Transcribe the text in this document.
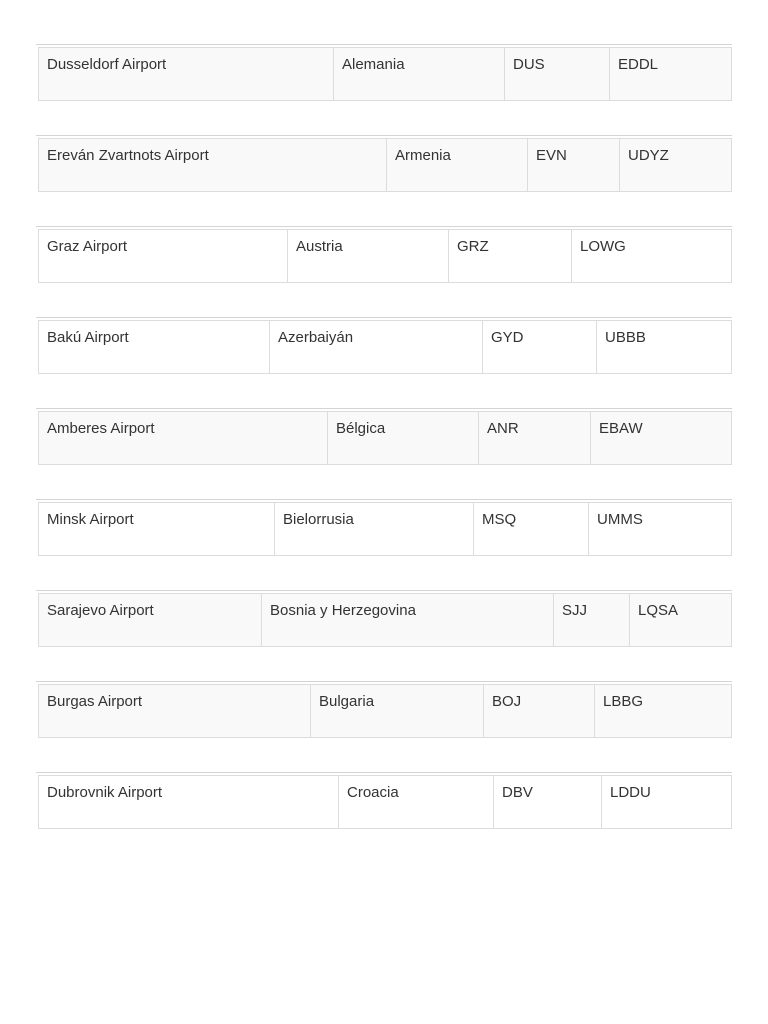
Dusseldorf Airport	Alemania	DUS	EDDL
Ereván Zvartnots Airport	Armenia	EVN	UDYZ
Graz Airport	Austria	GRZ	LOWG
Bakú Airport	Azerbaiyán	GYD	UBBB
Amberes Airport	Bélgica	ANR	EBAW
Minsk Airport	Bielorrusia	MSQ	UMMS
Sarajevo Airport	Bosnia y Herzegovina	SJJ	LQSA
Burgas Airport	Bulgaria	BOJ	LBBG
Dubrovnik Airport	Croacia	DBV	LDDU
